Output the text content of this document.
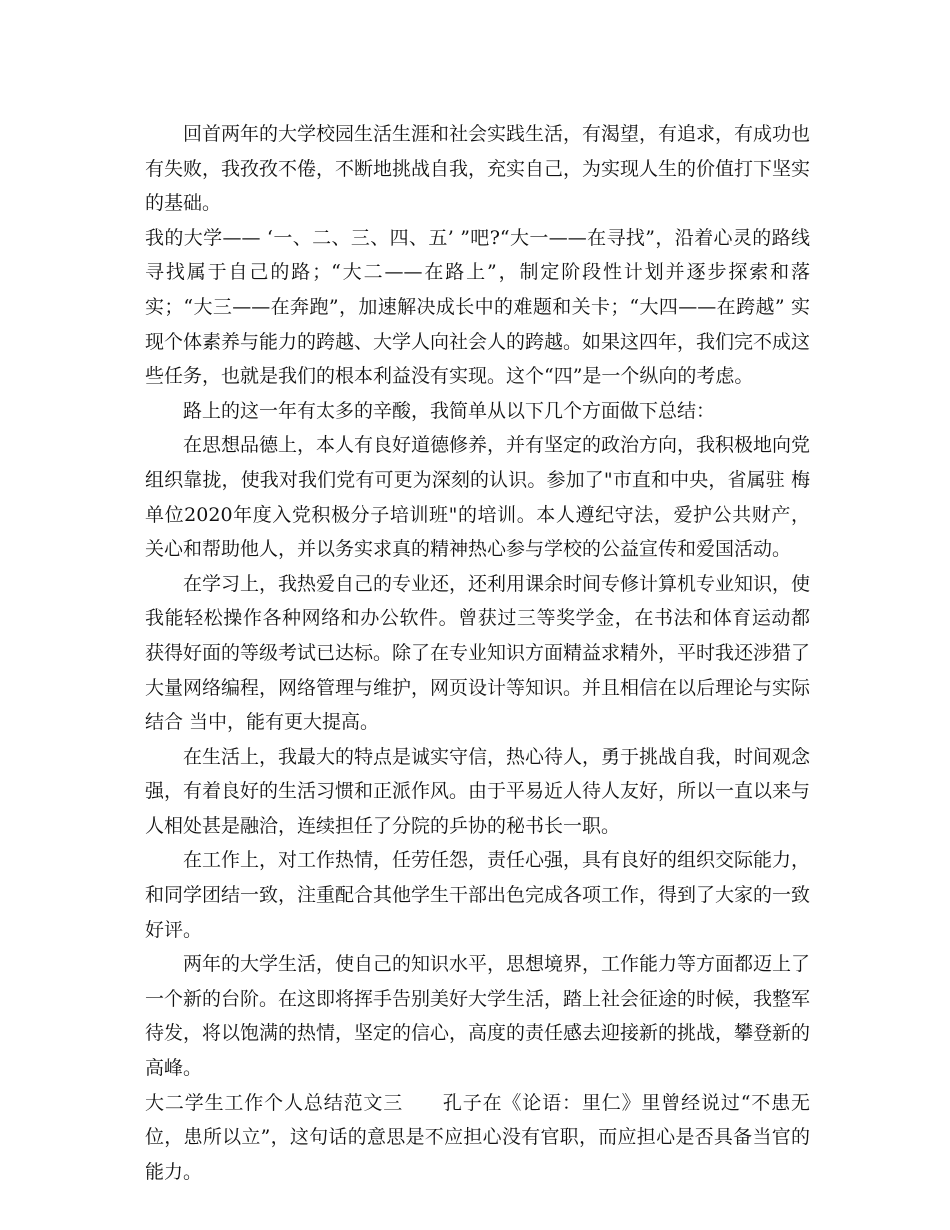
回首两年的大学校园生活生涯和社会实践生活，有渴望，有追求，有成功也有失败，我孜孜不倦，不断地挑战自我，充实自己，为实现人生的价值打下坚实的基础。

我的大学—— ‘一、二、三、四、五’ ”吧?“大一——在寻找”，沿着心灵的路线寻找属于自己的路；“大二——在路上”，制定阶段性计划并逐步探索和落实；“大三——在奔跑”，加速解决成长中的难题和关卡；“大四——在跨越” 实现个体素养与能力的跨越、大学人向社会人的跨越。如果这四年，我们完不成这些任务，也就是我们的根本利益没有实现。这个“四”是一个纵向的考虑。

路上的这一年有太多的辛酸，我简单从以下几个方面做下总结：

在思想品德上，本人有良好道德修养，并有坚定的政治方向，我积极地向党组织靠拢，使我对我们党有可更为深刻的认识。参加了"市直和中央，省属驻 梅单位2020年度入党积极分子培训班"的培训。本人遵纪守法，爱护公共财产，关心和帮助他人，并以务实求真的精神热心参与学校的公益宣传和爱国活动。

在学习上，我热爱自己的专业还，还利用课余时间专修计算机专业知识，使我能轻松操作各种网络和办公软件。曾获过三等奖学金，在书法和体育运动都 获得好面的等级考试已达标。除了在专业知识方面精益求精外，平时我还涉猎了大量网络编程，网络管理与维护，网页设计等知识。并且相信在以后理论与实际结合 当中，能有更大提高。

在生活上，我最大的特点是诚实守信，热心待人，勇于挑战自我，时间观念强，有着良好的生活习惯和正派作风。由于平易近人待人友好，所以一直以来与人相处甚是融洽，连续担任了分院的乒协的秘书长一职。

在工作上，对工作热情，任劳任怨，责任心强，具有良好的组织交际能力，和同学团结一致，注重配合其他学生干部出色完成各项工作，得到了大家的一致好评。

两年的大学生活，使自己的知识水平，思想境界，工作能力等方面都迈上了一个新的台阶。在这即将挥手告别美好大学生活，踏上社会征途的时候，我整军待发，将以饱满的热情，坚定的信心，高度的责任感去迎接新的挑战，攀登新的高峰。

大二学生工作个人总结范文三　　孔子在《论语：里仁》里曾经说过“不患无位，患所以立”，这句话的意思是不应担心没有官职，而应担心是否具备当官的能力。
